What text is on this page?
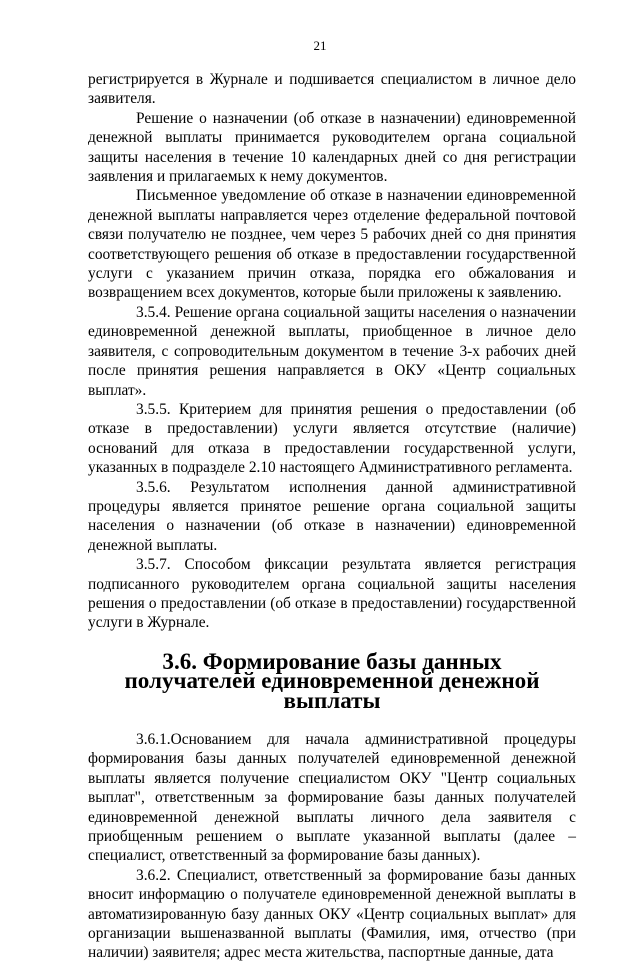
21

регистрируется в Журнале и подшивается специалистом в личное дело заявителя.

Решение о назначении (об отказе в назначении) единовременной денежной выплаты принимается руководителем органа социальной защиты населения в течение 10 календарных дней со дня регистрации заявления и прилагаемых к нему документов.

Письменное уведомление об отказе в назначении единовременной денежной выплаты направляется через отделение федеральной почтовой связи получателю не позднее, чем через 5 рабочих дней со дня принятия соответствующего решения об отказе в предоставлении государственной услуги с указанием причин отказа, порядка его обжалования и возвращением всех документов, которые были приложены к заявлению.

3.5.4. Решение органа социальной защиты населения о назначении единовременной денежной выплаты, приобщенное в личное дело заявителя, с сопроводительным документом в течение 3-х рабочих дней после принятия решения направляется в ОКУ «Центр социальных выплат».

3.5.5. Критерием для принятия решения о предоставлении (об отказе в предоставлении) услуги является отсутствие (наличие) оснований для отказа в предоставлении государственной услуги, указанных в подразделе 2.10 настоящего Административного регламента.

3.5.6. Результатом исполнения данной административной процедуры является принятое решение органа социальной защиты населения о назначении (об отказе в назначении) единовременной денежной выплаты.

3.5.7. Способом фиксации результата является регистрация подписанного руководителем органа социальной защиты населения решения о предоставлении (об отказе в предоставлении) государственной услуги в Журнале.

3.6. Формирование базы данных получателей единовременной денежной выплаты

3.6.1.Основанием для начала административной процедуры формирования базы данных получателей единовременной денежной выплаты является получение специалистом ОКУ "Центр социальных выплат", ответственным за формирование базы данных получателей единовременной денежной выплаты личного дела заявителя с приобщенным решением о выплате указанной выплаты (далее – специалист, ответственный за формирование базы данных).

3.6.2. Специалист, ответственный за формирование базы данных вносит информацию о получателе единовременной денежной выплаты в автоматизированную базу данных ОКУ «Центр социальных выплат» для организации вышеназванной выплаты (Фамилия, имя, отчество (при наличии) заявителя; адрес места жительства, паспортные данные, дата
